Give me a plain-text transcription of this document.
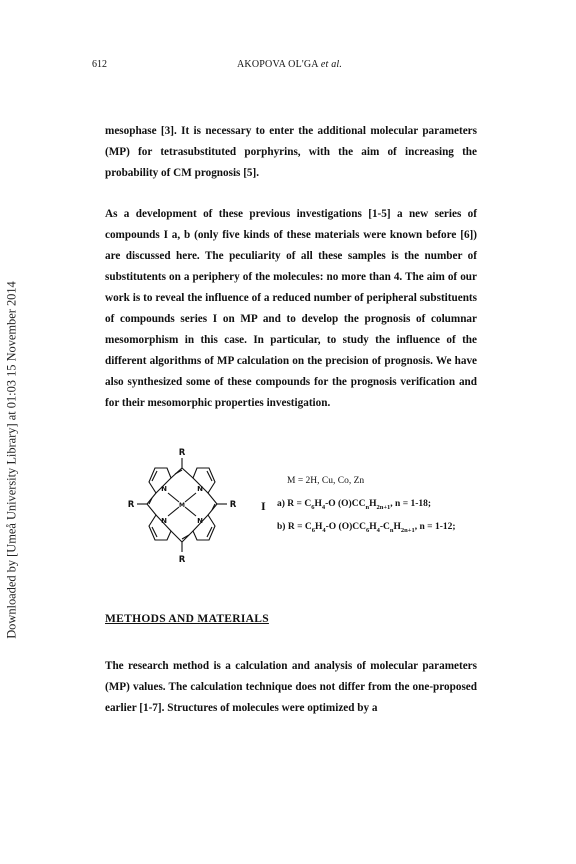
Downloaded by [Umeå University Library] at 01:03 15 November 2014
612	AKOPOVA OL'GA et al.
mesophase [3]. It is necessary to enter the additional molecular parameters (MP) for tetrasubstituted porphyrins, with the aim of increasing the probability of CM prognosis [5].
As a development of these previous investigations [1-5] a new series of compounds I a, b (only five kinds of these materials were known before [6]) are discussed here. The peculiarity of all these samples is the number of substitutents on a periphery of the molecules: no more than 4. The aim of our work is to reveal the influence of a reduced number of peripheral substituents of compounds series I on MP and to develop the prognosis of columnar mesomorphism in this case. In particular, to study the influence of the different algorithms of MP calculation on the precision of prognosis. We have also synthesized some of these compounds for the prognosis verification and for their mesomorphic properties investigation.
R
R
R	R
M
N	N
N	N
I
M = 2H, Cu, Co, Zn
a) $R = C_6H_4-O$ $(O)CC_nH_{2n+1}$, n = 1-18;
b) $R = C_6H_4-O$ $(O)CC_6H_4-C_nH_{2n+1}$, n = 1-12;
METHODS AND MATERIALS
The research method is a calculation and analysis of molecular parameters (MP) values. The calculation technique does not differ from the one-proposed earlier [1-7]. Structures of molecules were optimized by a
